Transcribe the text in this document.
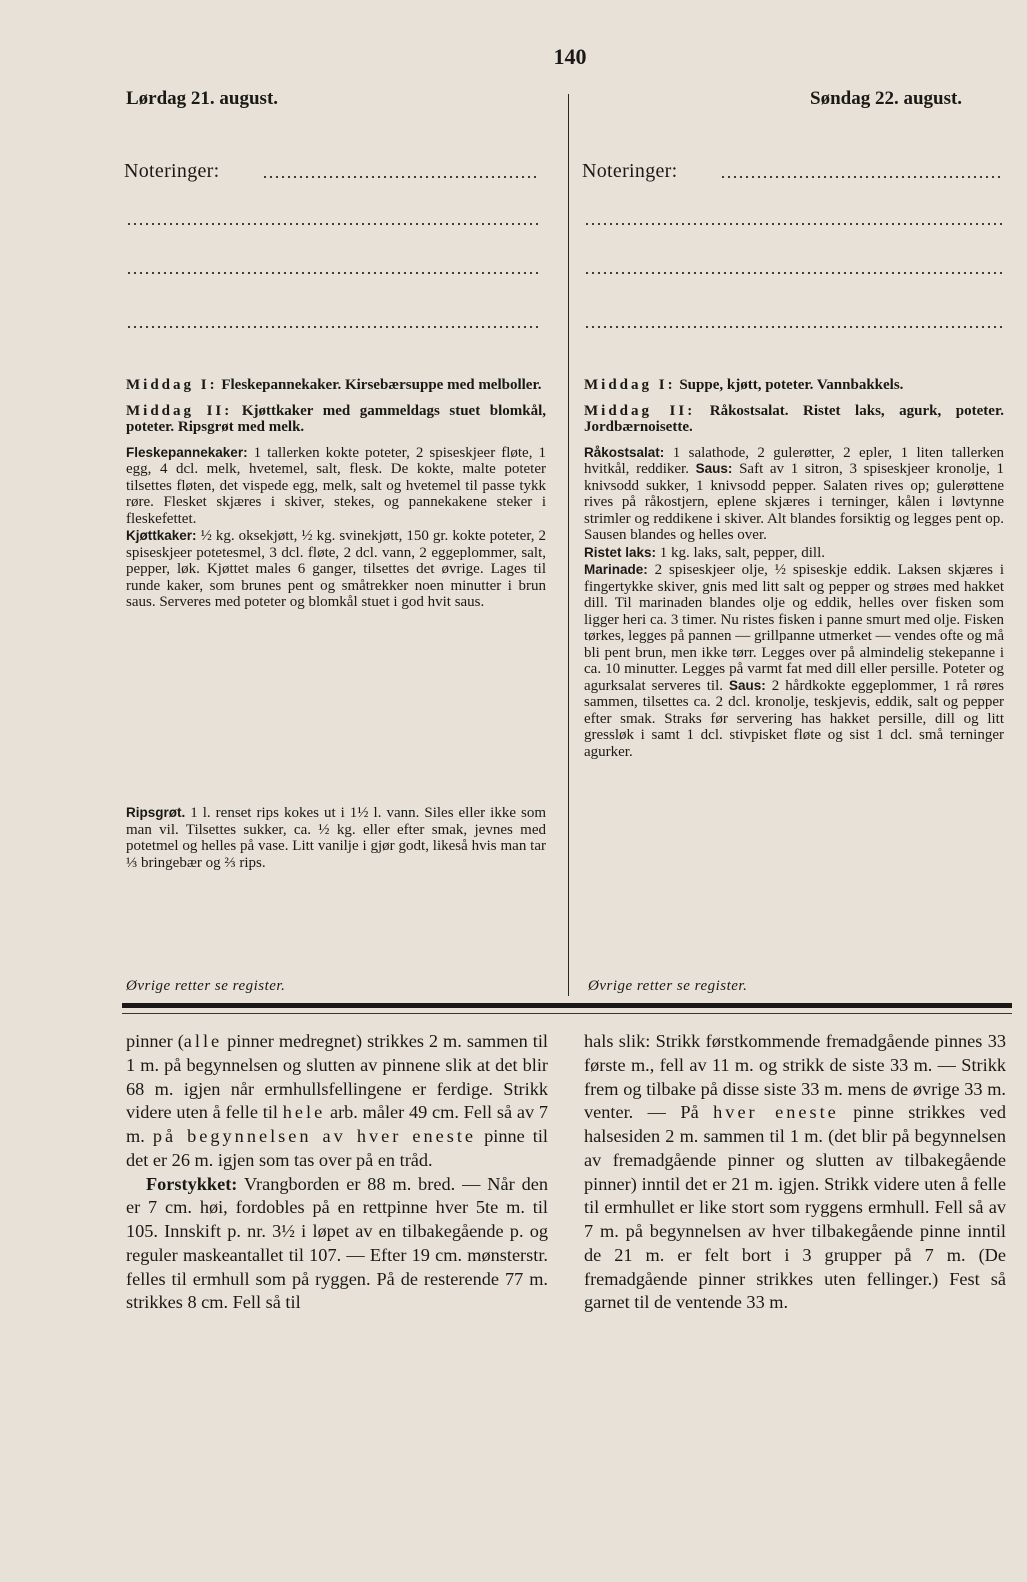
140
Lørdag 21. august.	Søndag 22. august.
Noteringer:	Noteringer:

Middag I: Fleskepannekaker. Kirsebærsuppe med melboller.

Middag II: Kjøttkaker med gammeldags stuet blomkål, poteter. Ripsgrøt med melk.

Fleskepannekaker: 1 tallerken kokte poteter, 2 spiseskjeer fløte, 1 egg, 4 dcl. melk, hvetemel, salt, flesk. De kokte, malte poteter tilsettes fløten, det vispede egg, melk, salt og hvetemel til passe tykk røre. Flesket skjæres i skiver, stekes, og pannekakene steker i fleskefettet.

Kjøttkaker: ½ kg. oksekjøtt, ½ kg. svinekjøtt, 150 gr. kokte poteter, 2 spiseskjeer potetesmel, 3 dcl. fløte, 2 dcl. vann, 2 eggeplommer, salt, pepper, løk. Kjøttet males 6 ganger, tilsettes det øvrige. Lages til runde kaker, som brunes pent og småtrekker noen minutter i brun saus. Serveres med poteter og blomkål stuet i god hvit saus.

Ripsgrøt. 1 l. renset rips kokes ut i 1½ l. vann. Siles eller ikke som man vil. Tilsettes sukker, ca. ½ kg. eller efter smak, jevnes med potetmel og helles på vase. Litt vanilje i gjør godt, likeså hvis man tar ⅓ bringebær og ⅔ rips.

Øvrige retter se register.

Middag I: Suppe, kjøtt, poteter. Vannbakkels.

Middag II: Råkostsalat. Ristet laks, agurk, poteter. Jordbærnoisette.

Råkostsalat: 1 salathode, 2 gulerøtter, 2 epler, 1 liten tallerken hvitkål, reddiker. Saus: Saft av 1 sitron, 3 spiseskjeer kronolje, 1 knivsodd sukker, 1 knivsodd pepper. Salaten rives op; gulerøttene rives på råkostjern, eplene skjæres i terninger, kålen i løvtynne strimler og reddikene i skiver. Alt blandes forsiktig og legges pent op. Sausen blandes og helles over.

Ristet laks: 1 kg. laks, salt, pepper, dill.

Marinade: 2 spiseskjeer olje, ½ spiseskje eddik. Laksen skjæres i fingertykke skiver, gnis med litt salt og pepper og strøes med hakket dill. Til marinaden blandes olje og eddik, helles over fisken som ligger heri ca. 3 timer. Nu ristes fisken i panne smurt med olje. Fisken tørkes, legges på pannen — grillpanne utmerket — vendes ofte og må bli pent brun, men ikke tørr. Legges over på almindelig stekepanne i ca. 10 minutter. Legges på varmt fat med dill eller persille. Poteter og agurksalat serveres til. Saus: 2 hårdkokte eggeplommer, 1 rå røres sammen, tilsettes ca. 2 dcl. kronolje, teskjevis, eddik, salt og pepper efter smak. Straks før servering has hakket persille, dill og litt gressløk i samt 1 dcl. stivpisket fløte og sist 1 dcl. små terninger agurker.

Øvrige retter se register.

pinner (alle pinner medregnet) strikkes 2 m. sammen til 1 m. på begynnelsen og slutten av pinnene slik at det blir 68 m. igjen når ermhullsfellingene er ferdige. Strikk videre uten å felle til hele arb. måler 49 cm. Fell så av 7 m. på begynnelsen av hver eneste pinne til det er 26 m. igjen som tas over på en tråd.

Forstykket: Vrangborden er 88 m. bred. — Når den er 7 cm. høi, fordobles på en rettpinne hver 5te m. til 105. Innskift p. nr. 3½ i løpet av en tilbakegående p. og reguler maskeantallet til 107. — Efter 19 cm. mønsterstr. felles til ermhull som på ryggen. På de resterende 77 m. strikkes 8 cm. Fell så til

hals slik: Strikk førstkommende fremadgående pinnes 33 første m., fell av 11 m. og strikk de siste 33 m. — Strikk frem og tilbake på disse siste 33 m. mens de øvrige 33 m. venter. — På hver eneste pinne strikkes ved halsesiden 2 m. sammen til 1 m. (det blir på begynnelsen av fremadgående pinner og slutten av tilbakegående pinner) inntil det er 21 m. igjen. Strikk videre uten å felle til ermhullet er like stort som ryggens ermhull. Fell så av 7 m. på begynnelsen av hver tilbakegående pinne inntil de 21 m. er felt bort i 3 grupper på 7 m. (De fremadgående pinner strikkes uten fellinger.) Fest så garnet til de ventende 33 m.
